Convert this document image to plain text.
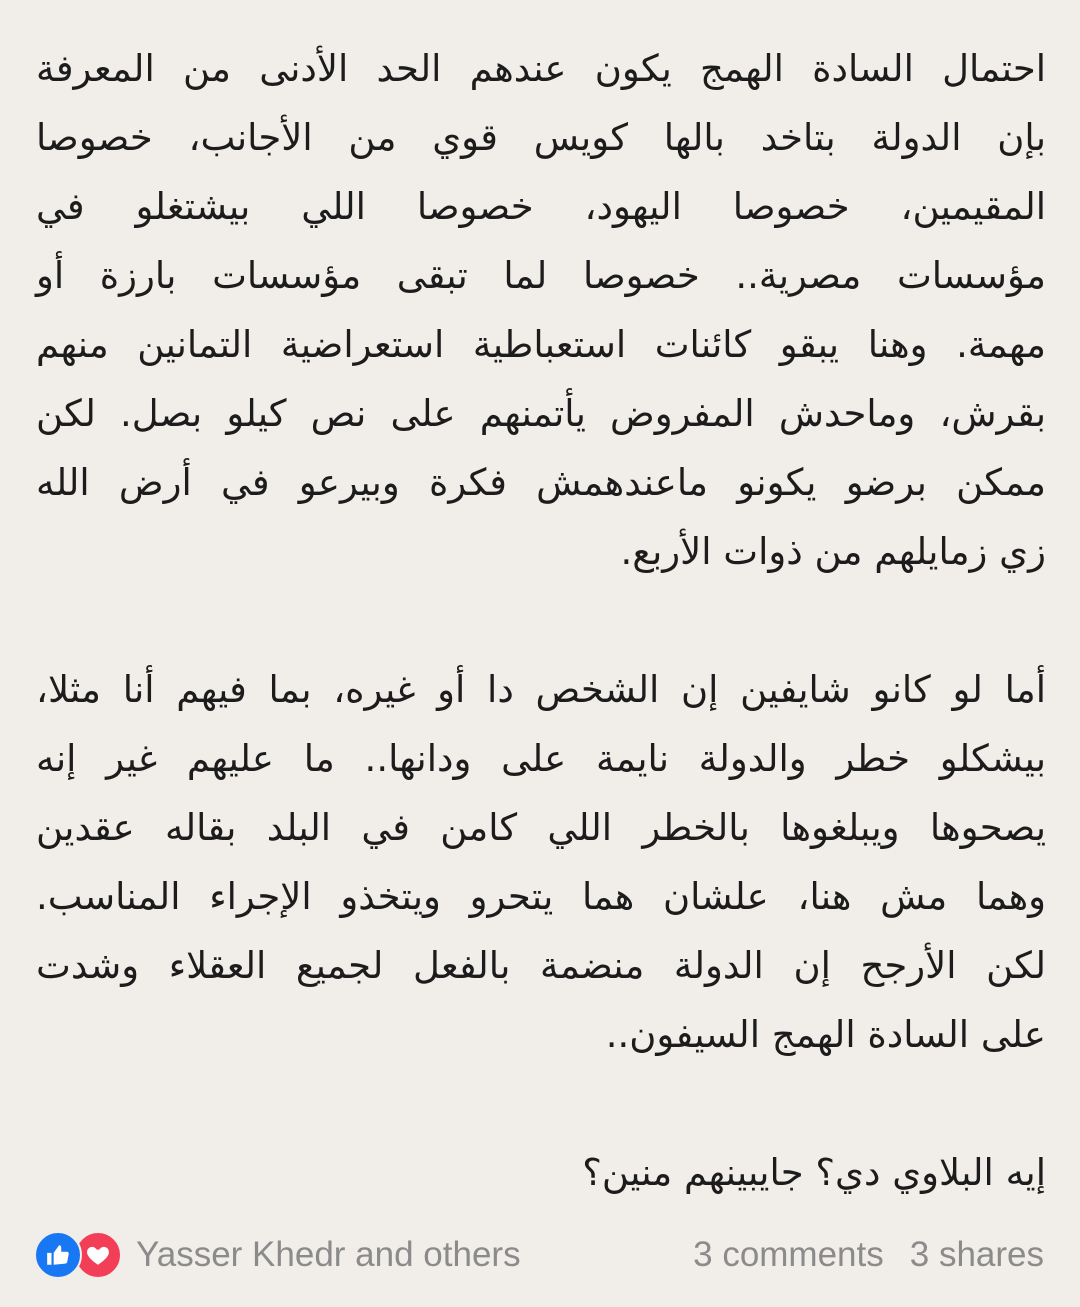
احتمال السادة الهمج يكون عندهم الحد الأدنى من المعرفة
بإن الدولة بتاخد بالها كويس قوي من الأجانب، خصوصا
المقيمين، خصوصا اليهود، خصوصا اللي بيشتغلو في
مؤسسات مصرية.. خصوصا لما تبقى مؤسسات بارزة أو
مهمة. وهنا يبقو كائنات استعباطية استعراضية التمانين منهم
بقرش، وماحدش المفروض يأتمنهم على نص كيلو بصل. لكن
ممكن برضو يكونو ماعندهمش فكرة وبيرعو في أرض الله
زي زمايلهم من ذوات الأربع.
أما لو كانو شايفين إن الشخص دا أو غيره، بما فيهم أنا مثلا،
بيشكلو خطر والدولة نايمة على ودانها.. ما عليهم غير إنه
يصحوها ويبلغوها بالخطر اللي كامن في البلد بقاله عقدين
وهما مش هنا، علشان هما يتحرو ويتخذو الإجراء المناسب.
لكن الأرجح إن الدولة منضمة بالفعل لجميع العقلاء وشدت
على السادة الهمج السيفون..
إيه البلاوي دي؟ جايبينهم منين؟
Yasser Khedr and others	3 comments 3 shares
